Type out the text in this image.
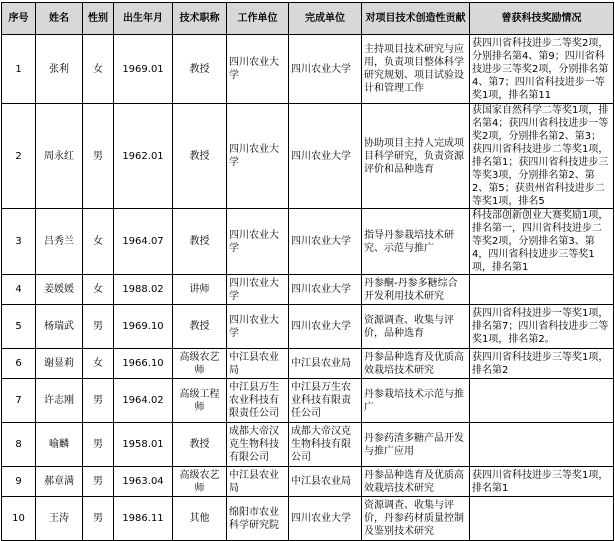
序号	姓名	性别	出生年月	技术职称	工作单位	完成单位	对项目技术创造性贡献	曾获科技奖励情况
1	张利	女	1969.01	教授	四川农业大学	四川农业大学	主持项目技术研究与应用，负责项目整体科学研究规划、项目试验设计和管理工作	获四川省科技进步二等奖2项，分别排名第4、第9；四川省科技进步三等奖2项，分别排名第4、第7；四川省科技进步一等奖1项，排名第11
2	周永红	男	1962.01	教授	四川农业大学	四川农业大学	协助项目主持人完成项目科学研究，负责资源评价和品种选育	获国家自然科学二等奖1项，排名第4；获四川省科技进步一等奖2项，分别排名第2、第3；获四川省科技进步二等奖1项，排名第1；获四川省科技进步三等奖3项，分别排名第2、第2、第5；获贵州省科技进步二等奖1项，排名5
3	吕秀兰	女	1964.07	教授	四川农业大学	四川农业大学	指导丹参栽培技术研究、示范与推广	科技部创新创业大赛奖励1项，排名第一，四川省科技进步二等奖2项，分别排名第3、第4，四川省科技进步三等奖1项，排名第1
4	姜媛媛	女	1988.02	讲师	四川农业大学	四川农业大学	丹参酮-丹参多糖综合开发利用技术研究	
5	杨瑞武	男	1969.10	教授	四川农业大学	四川农业大学	资源调查、收集与评价，品种选育	获四川省科技进步一等奖1项，排名第7；四川省科技进步二等奖1项，排名第2。
6	谢显莉	女	1966.10	高级农艺师	中江县农业局	中江县农业局	丹参品种选育及优质高效栽培技术研究	获四川省科技进步三等奖1项，排名第2
7	许志刚	男	1964.02	高级工程师	中江县万生农业科技有限责任公司	中江县万生农业科技有限责任公司	丹参栽培技术示范与推广	
8	喻麟	男	1958.01	教授	成都大帝汉克生物科技有限公司	成都大帝汉克生物科技有限公司	丹参药渣多糖产品开发与推广应用	
9	郝章满	男	1963.04	高级农艺师	中江县农业局	中江县农业局	丹参品种选育及优质高效栽培技术研究	获四川省科技进步三等奖1项，排名第1
10	王涛	男	1986.11	其他	绵阳市农业科学研究院	四川农业大学	资源调查、收集与评价，丹参药材质量控制及鉴别技术研究	
